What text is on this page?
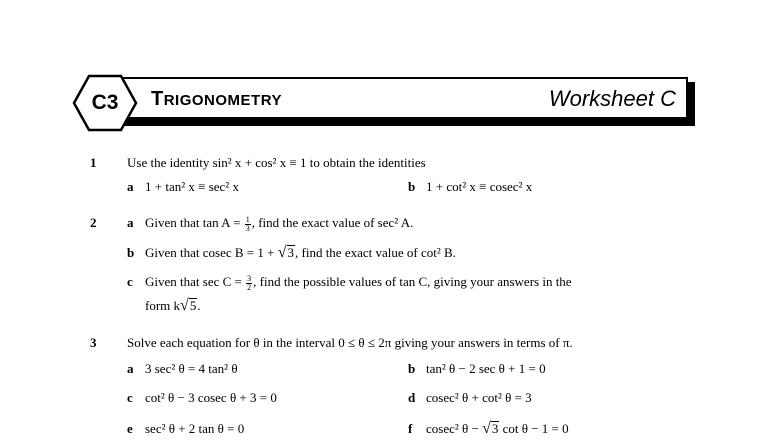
C3	TRIGONOMETRY	Worksheet C
1 Use the identity sin² x + cos² x ≡ 1 to obtain the identities
a 1 + tan² x ≡ sec² x	b 1 + cot² x ≡ cosec² x
2 a Given that $\tan A = \frac{1}{3}$ , find the exact value of sec² A.
b Given that cosec B = 1 + √3, find the exact value of cot² B.
c Given that $\sec C = \frac{3}{2}$ , find the possible values of tan C, giving your answers in the
form k√5.
3 Solve each equation for θ in the interval 0 ≤ θ ≤ 2π giving your answers in terms of π.
a 3 sec² θ = 4 tan² θ	b tan² θ − 2 sec θ + 1 = 0
c cot² θ − 3 cosec θ + 3 = 0	d cosec² θ + cot² θ = 3
e sec² θ + 2 tan θ = 0	f cosec² θ − √3 cot θ − 1 = 0
